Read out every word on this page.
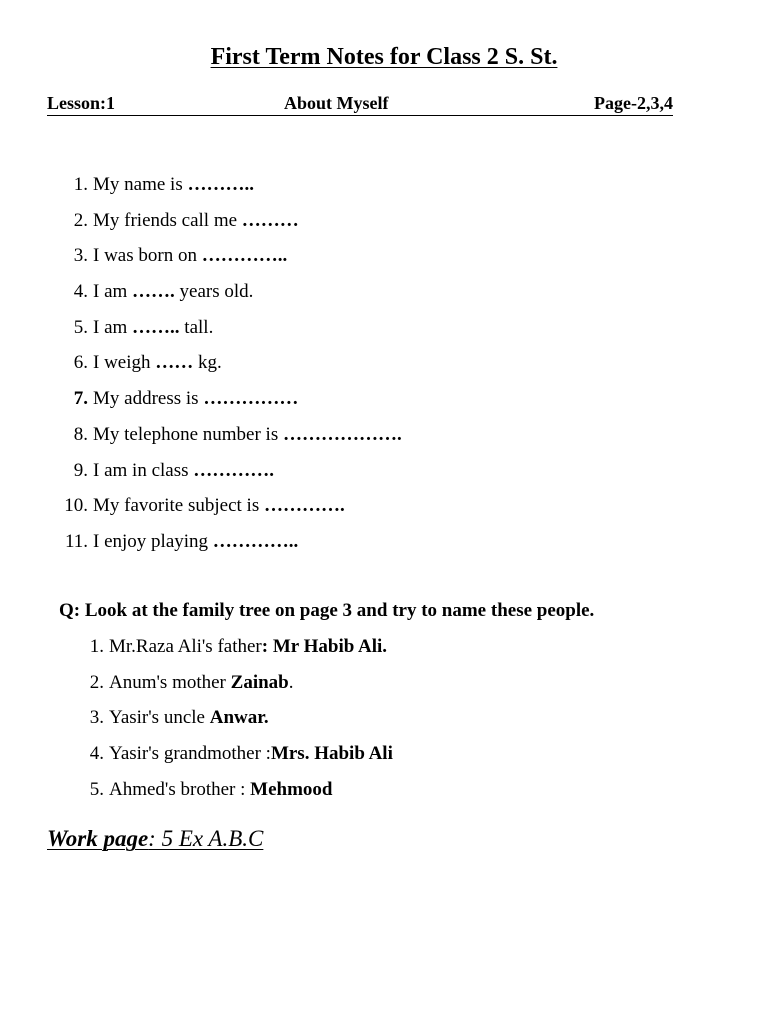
First Term Notes for Class 2 S. St.
Lesson:1	About Myself	Page-2,3,4
1. My name is ………..
2. My friends call me ………
3. I was born on …………..
4. I am ……. years old.
5. I am …….. tall.
6. I weigh …… kg.
7. My address is ……………
8. My telephone number is ……………….
9. I am in class ………….
10. My favorite subject is ………….
11. I enjoy playing …………..
Q: Look at the family tree on page 3 and try to name these people.
1. Mr.Raza Ali's father: Mr Habib Ali.
2. Anum's mother Zainab.
3. Yasir's uncle Anwar.
4. Yasir's grandmother :Mrs. Habib Ali
5. Ahmed's brother : Mehmood
Work page: 5 Ex A.B.C
